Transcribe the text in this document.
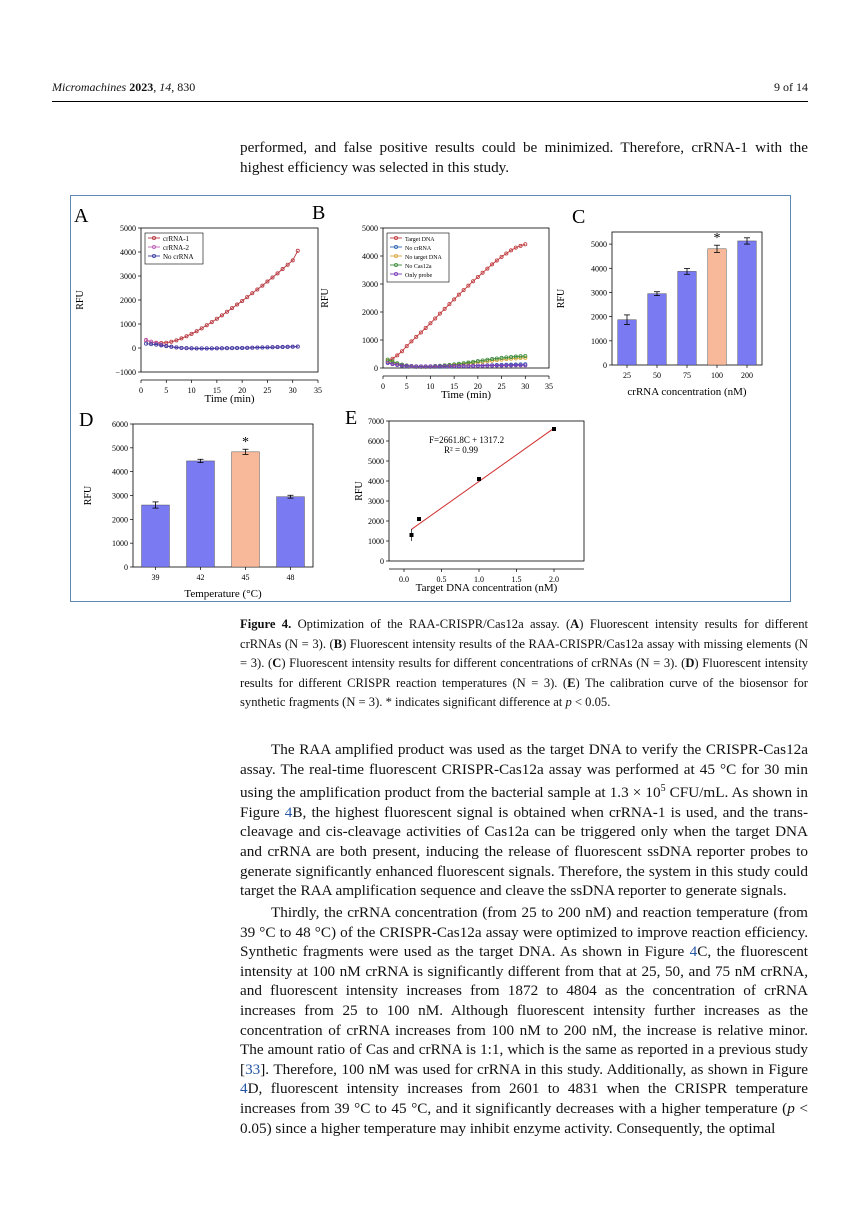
Micromachines 2023, 14, 830	9 of 14

performed, and false positive results could be minimized. Therefore, crRNA-1 with the highest efficiency was selected in this study.

A
RFU
Time (min)
−1000
0
1000
2000
3000
4000
5000
0	5 10 15 20 25 30 35
crRNA-1
crRNA-2
No crRNA
B
RFU
Time (min)
0
1000
2000
3000
4000
5000
0 5 10 15 20 25 30 35
Target DNA
No crRNA
No target DNA
No Cas12a
Only probe
C
RFU
crRNA concentration (nM)
0
1000
2000
3000
4000
5000
25	50	75	100
*
200
D
RFU
Temperature (°C)
0
1000
2000
3000
4000
5000
6000
39	42	45
*
48
E
RFU
Target DNA concentration (nM)
0
1000
2000
3000
4000
5000
6000
7000
0.0	0.5	1.0	1.5	2.0
F=2661.8C + 1317.2
R² = 0.99

Figure 4. Optimization of the RAA-CRISPR/Cas12a assay. (A) Fluorescent intensity results for different crRNAs (N = 3). (B) Fluorescent intensity results of the RAA-CRISPR/Cas12a assay with missing elements (N = 3). (C) Fluorescent intensity results for different concentrations of crRNAs (N = 3). (D) Fluorescent intensity results for different CRISPR reaction temperatures (N = 3). (E) The calibration curve of the biosensor for synthetic fragments (N = 3). * indicates significant difference at p < 0.05.

The RAA amplified product was used as the target DNA to verify the CRISPR-Cas12a assay. The real-time fluorescent CRISPR-Cas12a assay was performed at 45 °C for 30 min using the amplification product from the bacterial sample at $1.3 \times 10^5$ CFU/mL. As shown in Figure 4B, the highest fluorescent signal is obtained when crRNA-1 is used, and the trans-cleavage and cis-cleavage activities of Cas12a can be triggered only when the target DNA and crRNA are both present, inducing the release of fluorescent ssDNA reporter probes to generate significantly enhanced fluorescent signals. Therefore, the system in this study could target the RAA amplification sequence and cleave the ssDNA reporter to generate signals.

Thirdly, the crRNA concentration (from 25 to 200 nM) and reaction temperature (from 39 °C to 48 °C) of the CRISPR-Cas12a assay were optimized to improve reaction efficiency. Synthetic fragments were used as the target DNA. As shown in Figure 4C, the fluorescent intensity at 100 nM crRNA is significantly different from that at 25, 50, and 75 nM crRNA, and fluorescent intensity increases from 1872 to 4804 as the concentration of crRNA increases from 25 to 100 nM. Although fluorescent intensity further increases as the concentration of crRNA increases from 100 nM to 200 nM, the increase is relative minor. The amount ratio of Cas and crRNA is 1:1, which is the same as reported in a previous study [33]. Therefore, 100 nM was used for crRNA in this study. Additionally, as shown in Figure 4D, fluorescent intensity increases from 2601 to 4831 when the CRISPR temperature increases from 39 °C to 45 °C, and it significantly decreases with a higher temperature (p < 0.05) since a higher temperature may inhibit enzyme activity. Consequently, the optimal
